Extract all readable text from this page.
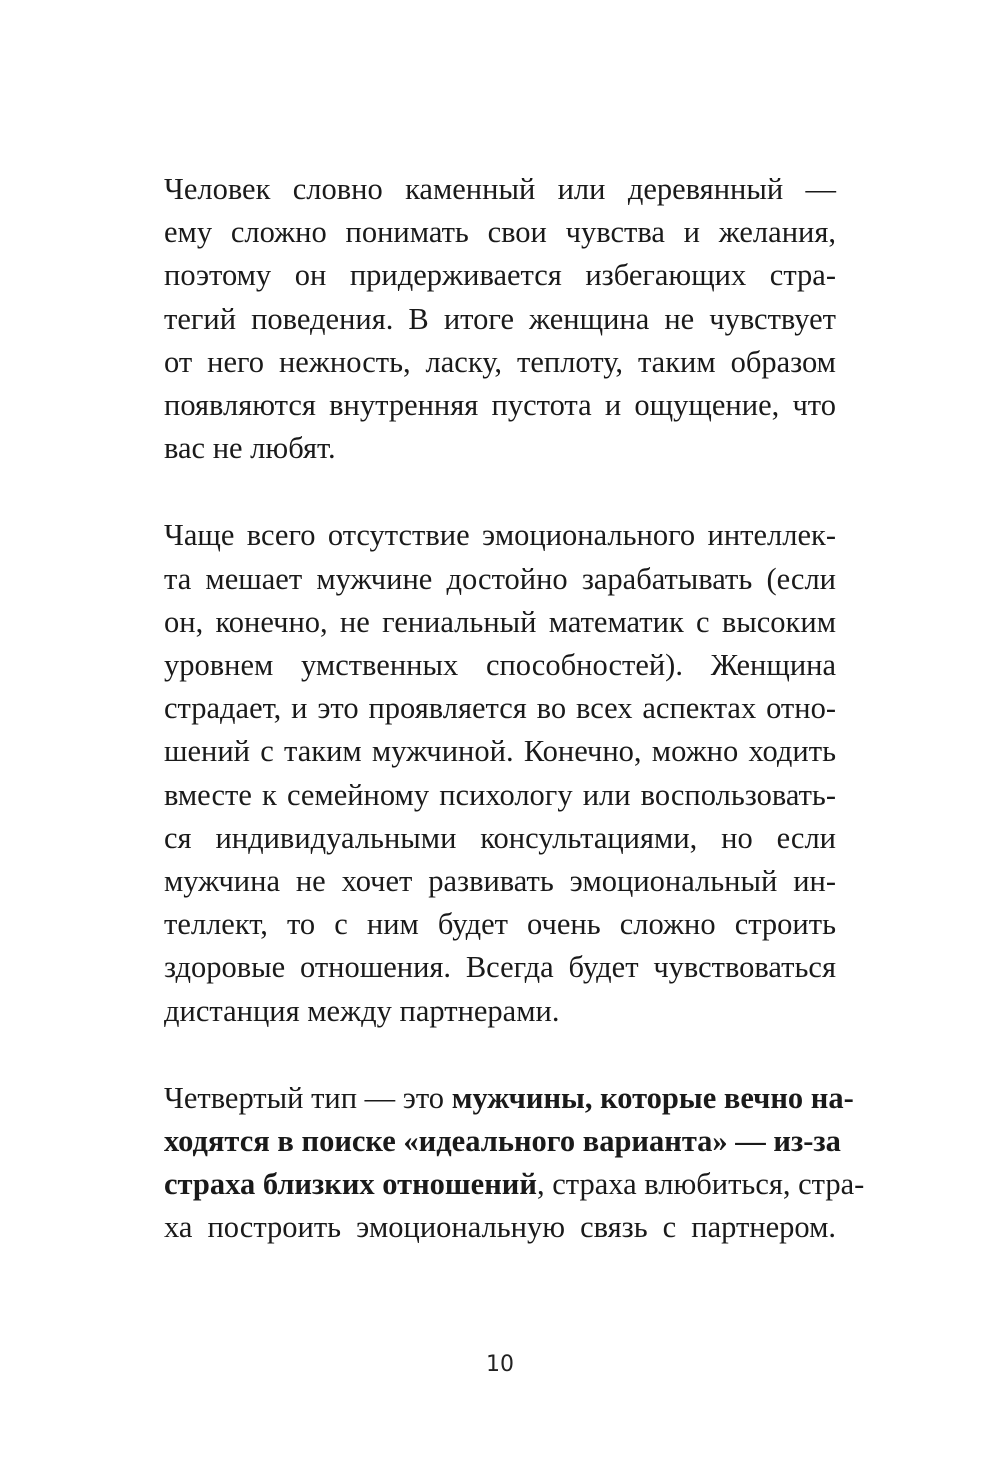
Человек словно каменный или деревянный —
ему сложно понимать свои чувства и желания,
поэтому он придерживается избегающих стра-
тегий поведения. В итоге женщина не чувствует
от него нежность, ласку, теплоту, таким образом
появляются внутренняя пустота и ощущение, что
вас не любят.

Чаще всего отсутствие эмоционального интеллек-
та мешает мужчине достойно зарабатывать (если
он, конечно, не гениальный математик с высоким
уровнем умственных способностей). Женщина
страдает, и это проявляется во всех аспектах отно-
шений с таким мужчиной. Конечно, можно ходить
вместе к семейному психологу или воспользовать-
ся индивидуальными консультациями, но если
мужчина не хочет развивать эмоциональный ин-
теллект, то с ним будет очень сложно строить
здоровые отношения. Всегда будет чувствоваться
дистанция между партнерами.

Четвертый тип — это мужчины, которые вечно на-
ходятся в поиске «идеального варианта» — из-за
страха близких отношений, страха влюбиться, стра-
ха построить эмоциональную связь с партнером.

10
